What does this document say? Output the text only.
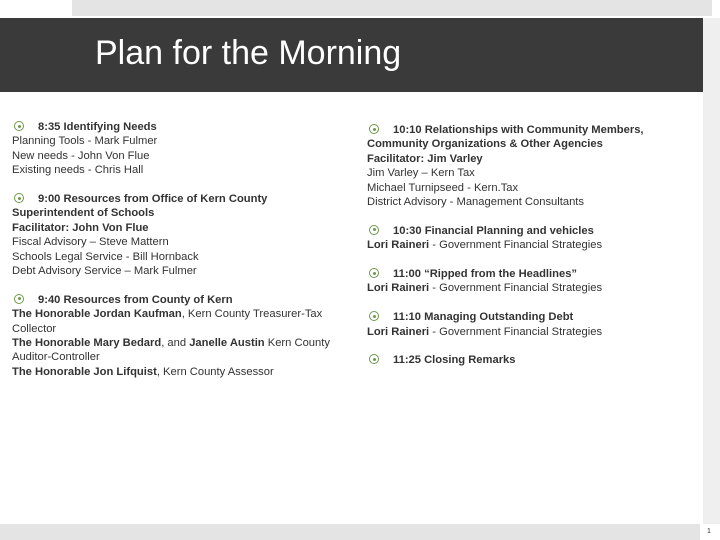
Plan for the Morning
1
8:35 Identifying Needs
Planning Tools - Mark Fulmer
New needs - John Von Flue
Existing needs - Chris Hall
9:00 Resources from Office of Kern County
Superintendent of Schools
Facilitator: John Von Flue
Fiscal Advisory – Steve Mattern
Schools Legal Service - Bill Hornback
Debt Advisory Service – Mark Fulmer
9:40 Resources from County of Kern
The Honorable Jordan Kaufman, Kern County Treasurer-Tax Collector
The Honorable Mary Bedard, and Janelle Austin Kern County Auditor-Controller
The Honorable Jon Lifquist, Kern County Assessor
10:10 Relationships with Community Members,
Community Organizations & Other Agencies
Facilitator: Jim Varley
Jim Varley – Kern Tax
Michael Turnipseed - Kern.Tax
District Advisory - Management Consultants
10:30 Financial Planning and vehicles
Lori Raineri - Government Financial Strategies
11:00 “Ripped from the Headlines”
Lori Raineri - Government Financial Strategies
11:10 Managing Outstanding Debt
Lori Raineri - Government Financial Strategies
11:25 Closing Remarks
